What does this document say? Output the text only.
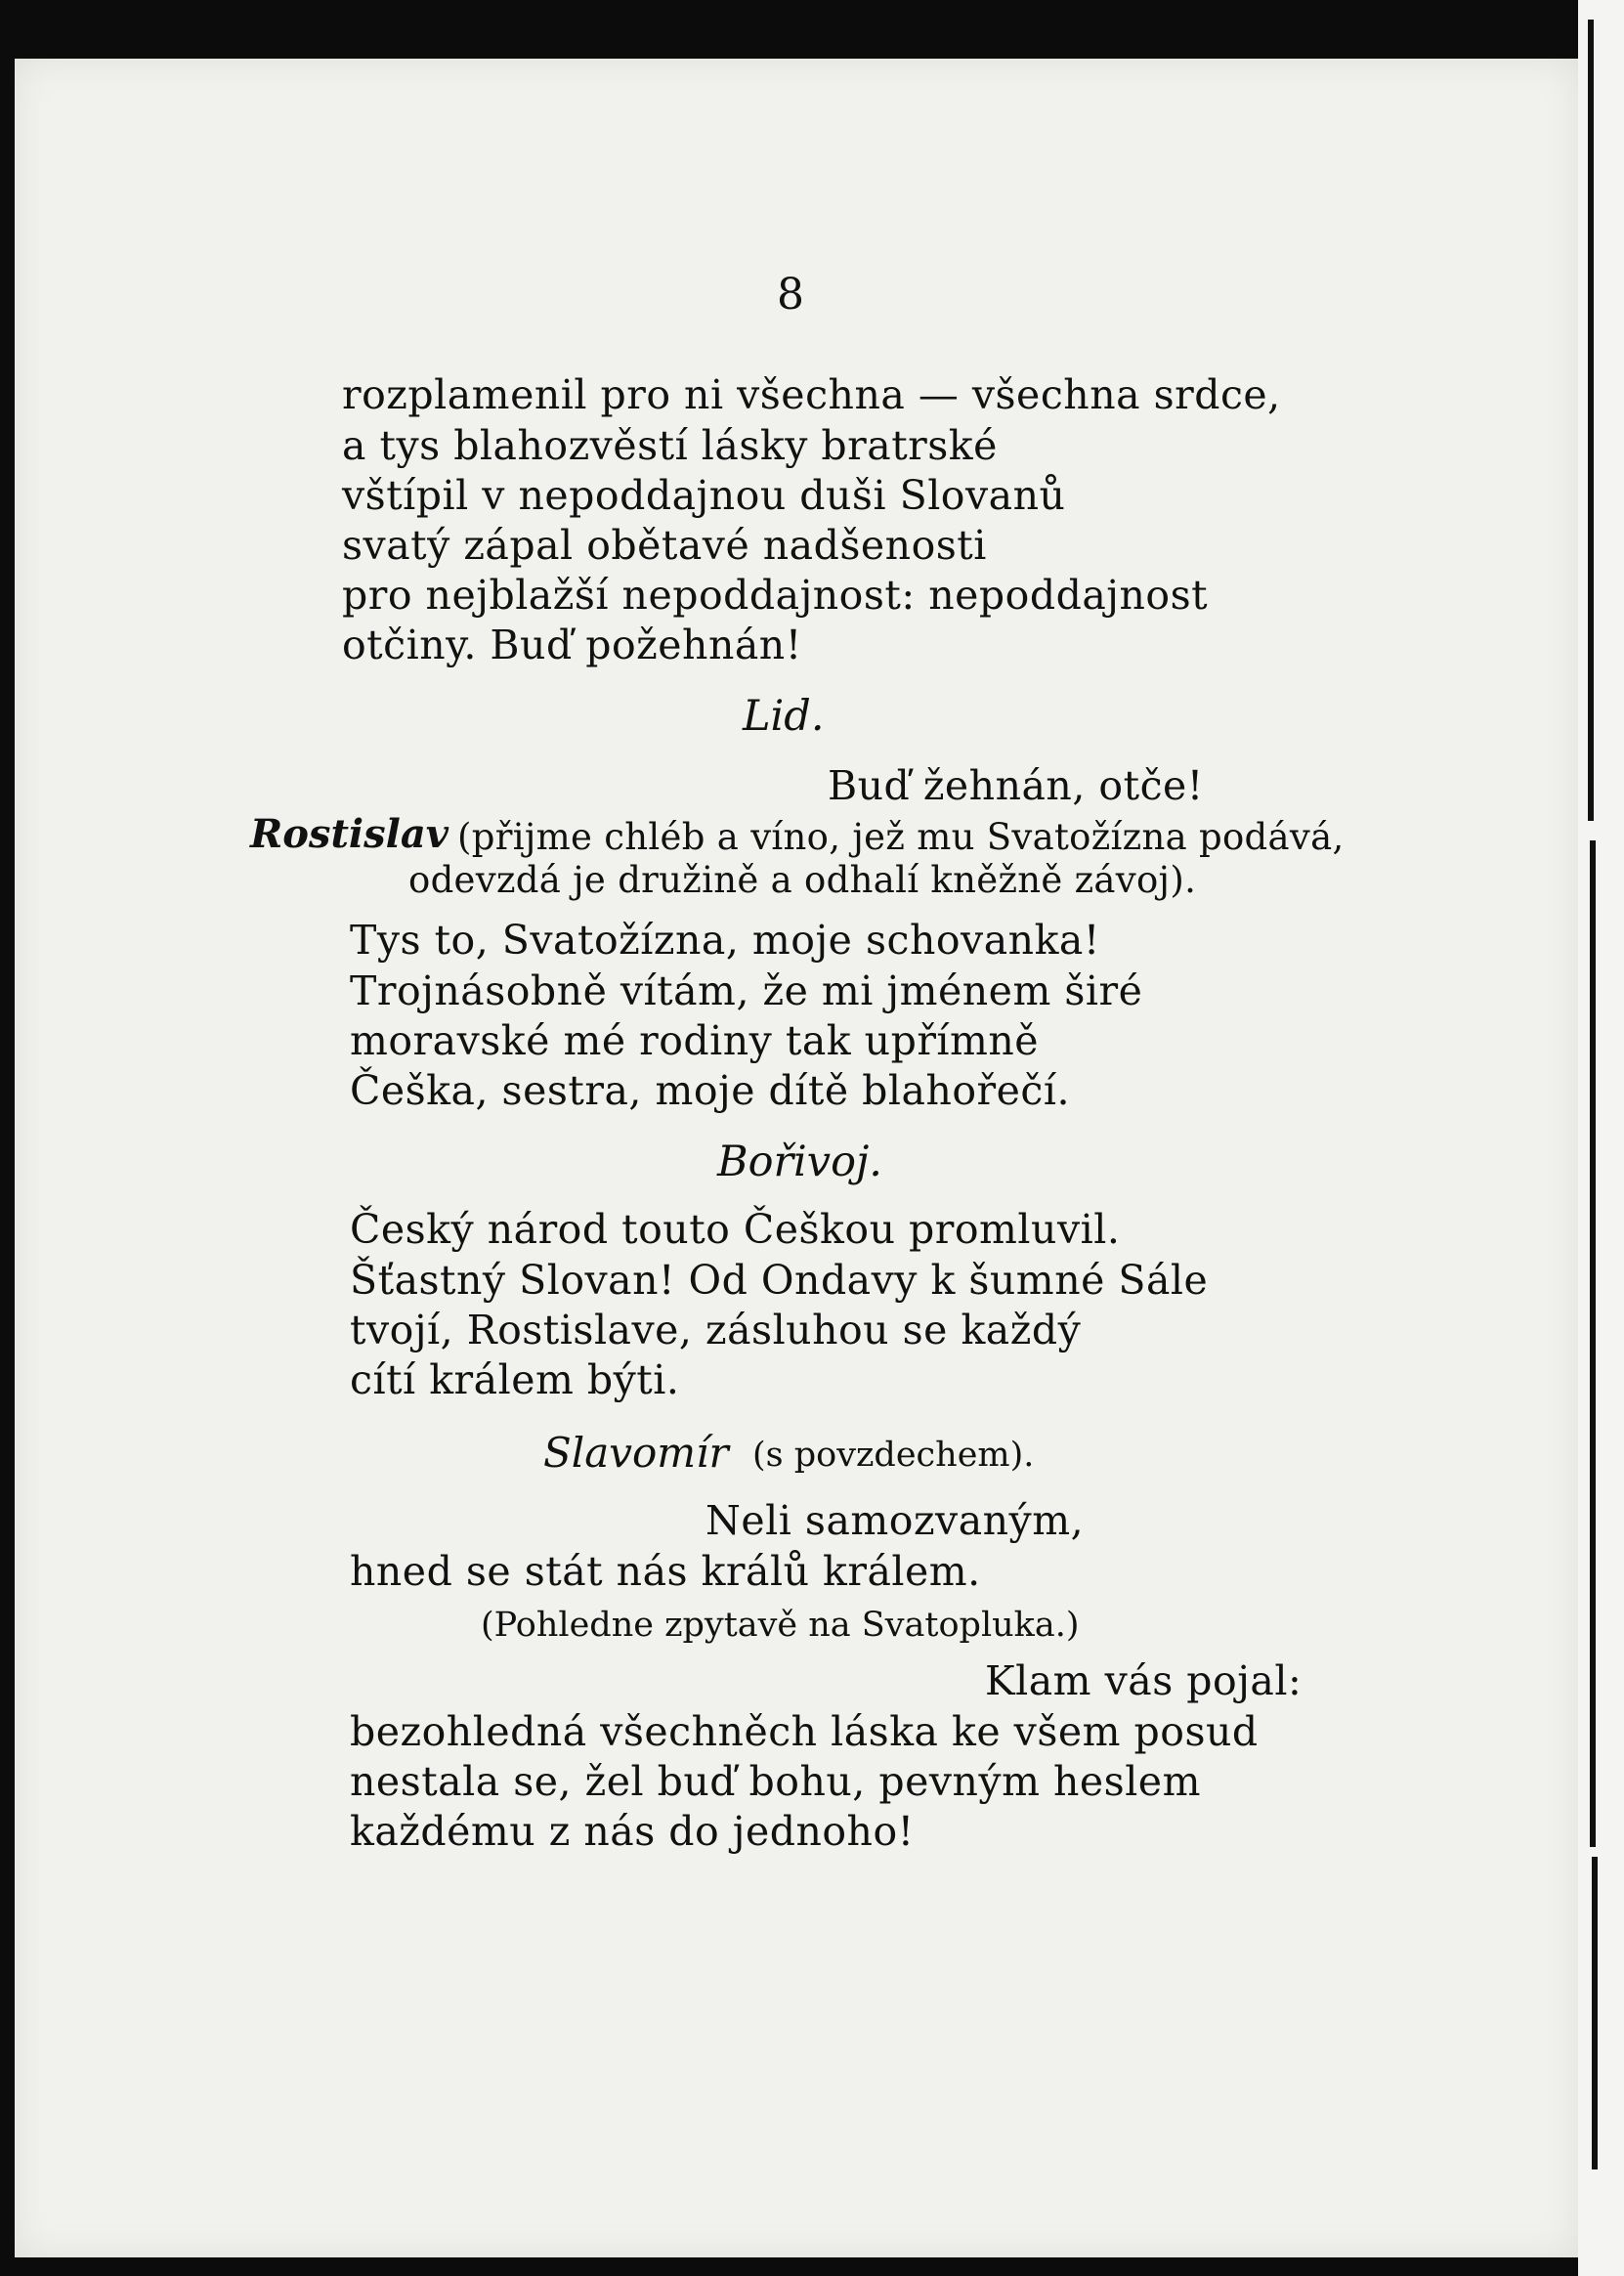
8
rozplamenil pro ni všechna — všechna srdce,
a tys blahozvěstí lásky bratrské
vštípil v nepoddajnou duši Slovanů
svatý zápal obětavé nadšenosti
pro nejblažší nepoddajnost: nepoddajnost
otčiny. Buď požehnán!
Lid.
Buď žehnán, otče!
Rostislav (přijme chléb a víno, jež mu Svatožízna podává,
odevzdá je družině a odhalí kněžně závoj).
Tys to, Svatožízna, moje schovanka!
Trojnásobně vítám, že mi jménem širé
moravské mé rodiny tak upřímně
Češka, sestra, moje dítě blahořečí.
Bořivoj.
Český národ touto Češkou promluvil.
Šťastný Slovan! Od Ondavy k šumné Sále
tvojí, Rostislave, zásluhou se každý
cítí králem býti.
Slavomír (s povzdechem).
Neli samozvaným,
hned se stát nás králů králem.
(Pohledne zpytavě na Svatopluka.)
Klam vás pojal:
bezohledná všechněch láska ke všem posud
nestala se, žel buď bohu, pevným heslem
každému z nás do jednoho!
